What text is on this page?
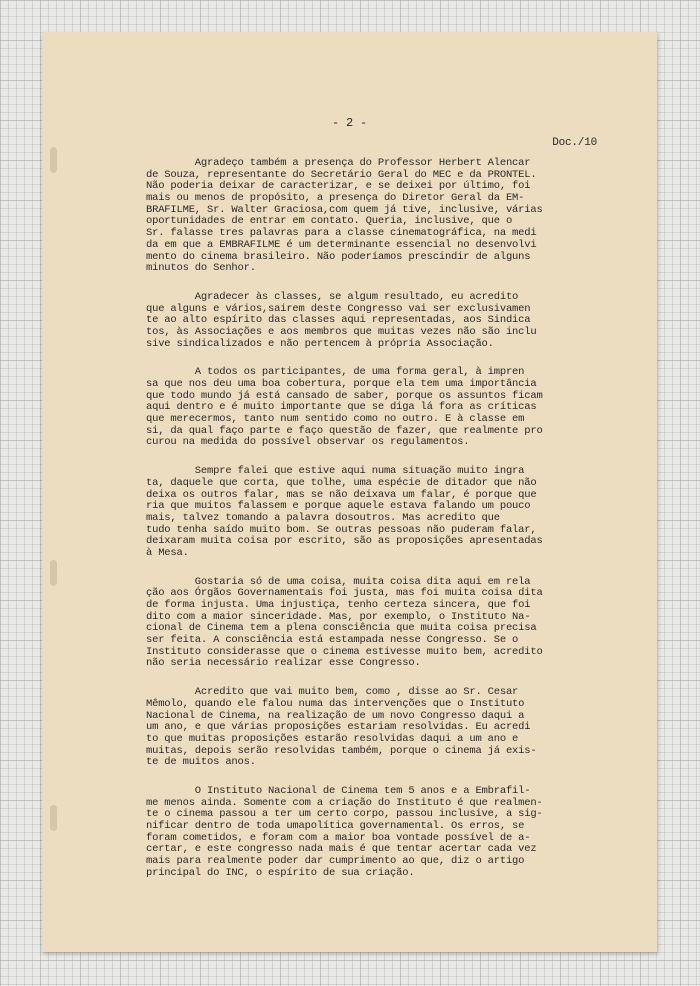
- 2 -
Doc./10
Agradeço também a presença do Professor Herbert Alencar
de Souza, representante do Secretário Geral do MEC e da PRONTEL.
Não poderia deixar de caracterizar, e se deixei por último, foi
mais ou menos de propósito, a presença do Diretor Geral da EM-
BRAFILME, Sr. Walter Graciosa,com quem já tive, inclusive, várias
oportunidades de entrar em contato. Queria, inclusive, que o
Sr. falasse tres palavras para a classe cinematográfica, na medi
da em que a EMBRAFILME é um determinante essencial no desenvolvi
mento do cinema brasileiro. Não poderíamos prescindir de alguns
minutos do Senhor.
Agradecer às classes, se algum resultado, eu acredito
que alguns e vários,sairem deste Congresso vai ser exclusivamen
te ao alto espírito das classes aqui representadas, aos Sindica
tos, às Associações e aos membros que muitas vezes não são inclu
sive sindicalizados e não pertencem à própria Associação.
A todos os participantes, de uma forma geral, à impren
sa que nos deu uma boa cobertura, porque ela tem uma importância
que todo mundo já está cansado de saber, porque os assuntos ficam
aqui dentro e é muito importante que se diga lá fora as críticas
que merecermos, tanto num sentido como no outro. E à classe em
si, da qual faço parte e faço questão de fazer, que realmente pro
curou na medida do possível observar os regulamentos.
Sempre falei que estive aqui numa situação muito ingra
ta, daquele que corta, que tolhe, uma espécie de ditador que não
deixa os outros falar, mas se não deixava um falar, é porque que
ria que muitos falassem e porque aquele estava falando um pouco
mais, talvez tomando a palavra dosoutros. Mas acredito que
tudo tenha saído muito bom. Se outras pessoas não puderam falar,
deixaram muita coisa por escrito, são as proposições apresentadas
à Mesa.
Gostaria só de uma coisa, muita coisa dita aqui em rela
ção aos Órgãos Governamentais foi justa, mas foi muita coisa dita
de forma injusta. Uma injustiça, tenho certeza sincera, que foi
dito com a maior sinceridade. Mas, por exemplo, o Instituto Na-
cional de Cinema tem a plena consciência que muita coisa precisa
ser feita. A consciência está estampada nesse Congresso. Se o
Instituto considerasse que o cinema estivesse muito bem, acredito
não seria necessário realizar esse Congresso.
Acredito que vai muito bem, como , disse ao Sr. Cesar
Mêmolo, quando ele falou numa das intervenções que o Instituto
Nacional de Cinema, na realização de um novo Congresso daqui a
um ano, e que várias proposições estariam resolvidas. Eu acredi
to que muitas proposições estarão resolvidas daqui a um ano e
muitas, depois serão resolvidas também, porque o cinema já exis-
te de muitos anos.
O Instituto Nacional de Cinema tem 5 anos e a Embrafil-
me menos ainda. Somente com a criação do Instituto é que realmen-
te o cinema passou a ter um certo corpo, passou inclusive, a sig-
nificar dentro de toda umapolítica governamental. Os erros, se
foram cometidos, e foram com a maior boa vontade possível de a-
certar, e este congresso nada mais é que tentar acertar cada vez
mais para realmente poder dar cumprimento ao que, diz o artigo
principal do INC, o espírito de sua criação.
